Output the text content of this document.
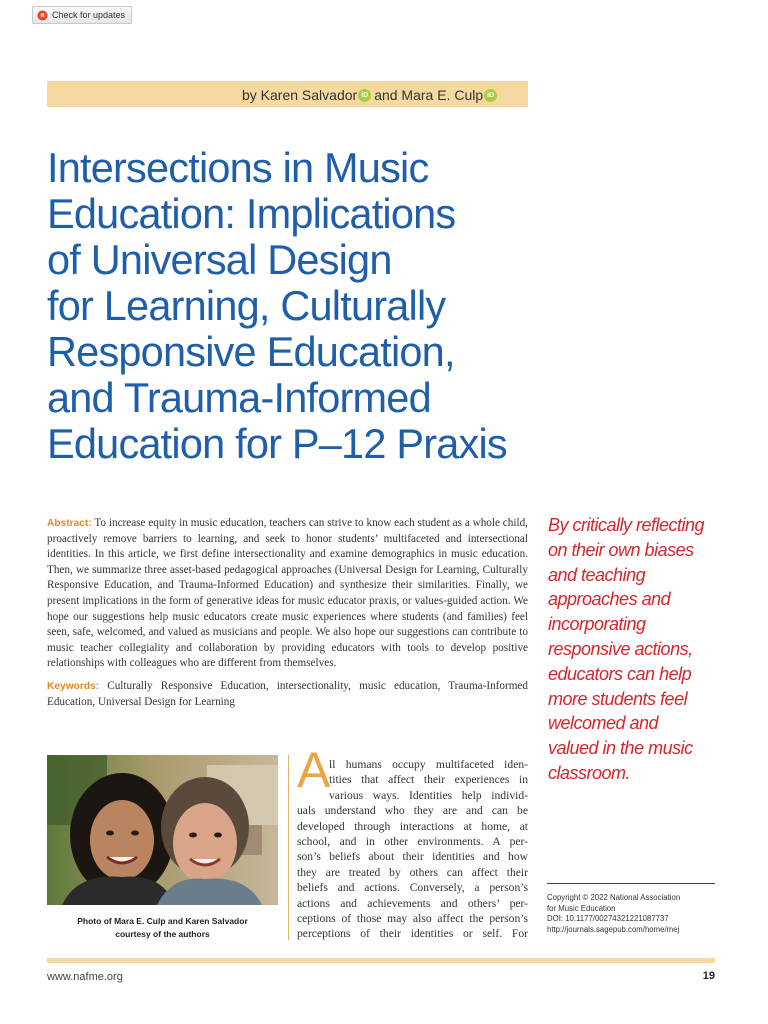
Check for updates
by Karen Salvador iD and Mara E. Culp iD
Intersections in Music
Education: Implications
of Universal Design
for Learning, Culturally
Responsive Education,
and Trauma-Informed
Education for P–12 Praxis

Abstract: To increase equity in music education, teachers can strive to know each student as a whole child, proactively remove barriers to learning, and seek to honor students’ multifaceted and intersectional identities. In this article, we first define intersectionality and examine demographics in music education. Then, we summarize three asset-based pedagogical approaches (Universal Design for Learning, Culturally Responsive Education, and Trauma-Informed Education) and synthesize their similarities. Finally, we present implications in the form of generative ideas for music educator praxis, or values-guided action. We hope our suggestions help music educators create music experiences where students (and families) feel seen, safe, welcomed, and valued as musicians and people. We also hope our suggestions can contribute to music teacher collegiality and collaboration by providing educators with tools to develop positive relationships with colleagues who are different from themselves.

Keywords: Culturally Responsive Education, intersectionality, music education, Trauma-Informed Education, Universal Design for Learning

By critically reflecting
on their own biases
and teaching
approaches and
incorporating
responsive actions,
educators can help
more students feel
welcomed and
valued in the music
classroom.
Photo of Mara E. Culp and Karen Salvador
courtesy of the authors
A
ll humans occupy multifaceted iden-
tities that affect their experiences in
various ways. Identities help individ-
uals understand who they are and can be
developed through interactions at home, at
school, and in other environments. A per-
son’s beliefs about their identities and how
they are treated by others can affect their
beliefs and actions. Conversely, a person’s
actions and achievements and others’ per-
ceptions of those may also affect the person’s
perceptions of their identities or self. For
Copyright © 2022 National Association
for Music Education
DOI: 10.1177/00274321221087737
http://journals.sagepub.com/home/mej
www.nafme.org	19
